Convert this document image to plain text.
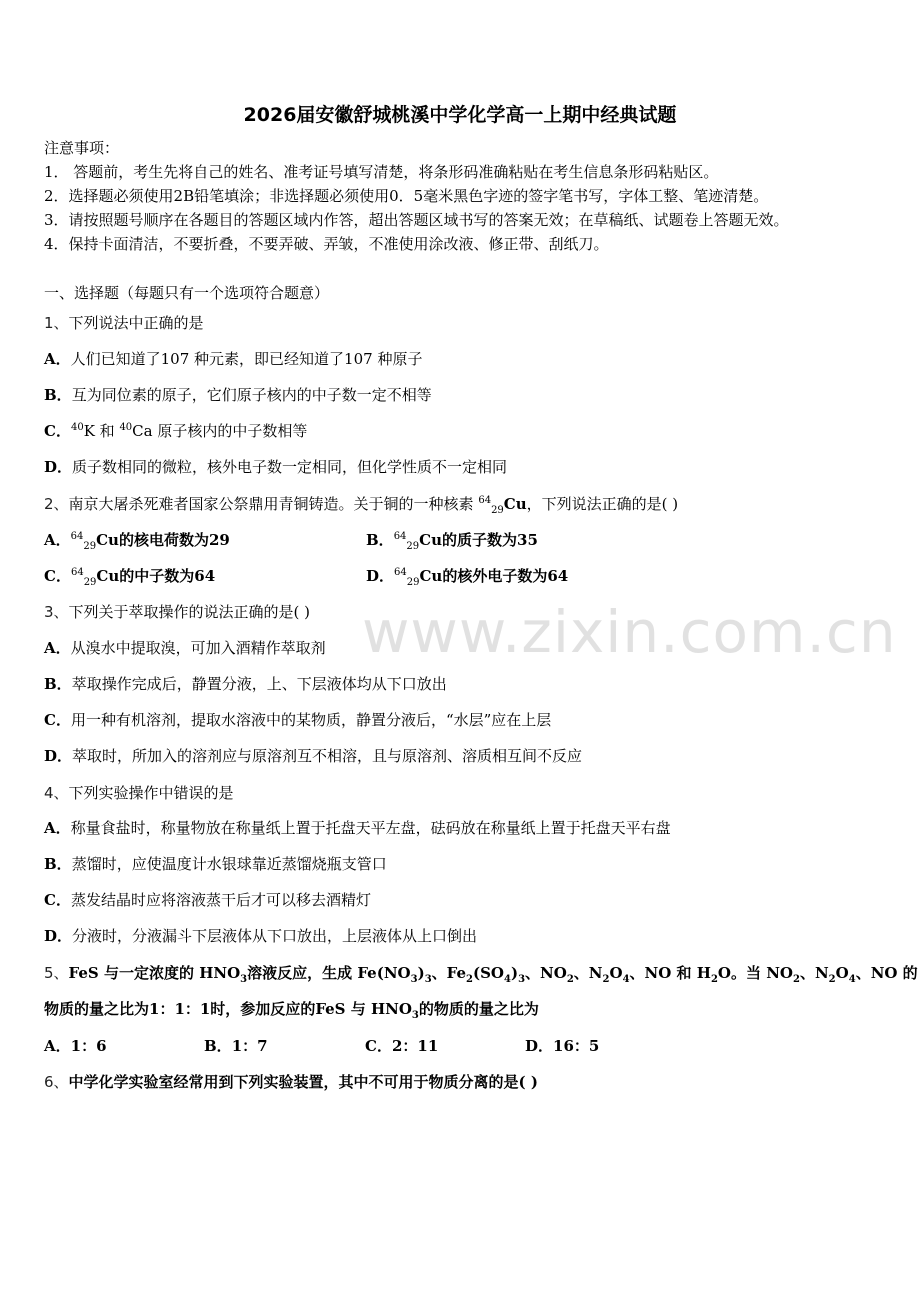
2026届安徽舒城桃溪中学化学高一上期中经典试题
注意事项：
1． 答题前，考生先将自己的姓名、准考证号填写清楚，将条形码准确粘贴在考生信息条形码粘贴区。
2．选择题必须使用2B铅笔填涂；非选择题必须使用0．5毫米黑色字迹的签字笔书写，字体工整、笔迹清楚。
3．请按照题号顺序在各题目的答题区域内作答，超出答题区域书写的答案无效；在草稿纸、试题卷上答题无效。
4．保持卡面清洁，不要折叠，不要弄破、弄皱，不准使用涂改液、修正带、刮纸刀。
一、选择题（每题只有一个选项符合题意）
1、下列说法中正确的是
A．人们已知道了107 种元素，即已经知道了107 种原子
B．互为同位素的原子，它们原子核内的中子数一定不相等
C．$^{40}$K 和 $^{40}$Ca 原子核内的中子数相等
D．质子数相同的微粒，核外电子数一定相同，但化学性质不一定相同
2、南京大屠杀死难者国家公祭鼎用青铜铸造。关于铜的一种核素 $^{64}_{29}$Cu，下列说法正确的是( )
A．$^{64}_{29}$Cu的核电荷数为29	B．$^{64}_{29}$Cu的质子数为35
C．$^{64}_{29}$Cu的中子数为64	D．$^{64}_{29}$Cu的核外电子数为64
www.zixin.com.cn
3、下列关于萃取操作的说法正确的是( )
A．从溴水中提取溴，可加入酒精作萃取剂
B．萃取操作完成后，静置分液，上、下层液体均从下口放出
C．用一种有机溶剂，提取水溶液中的某物质，静置分液后，“水层”应在上层
D．萃取时，所加入的溶剂应与原溶剂互不相溶，且与原溶剂、溶质相互间不反应
4、下列实验操作中错误的是
A．称量食盐时，称量物放在称量纸上置于托盘天平左盘，砝码放在称量纸上置于托盘天平右盘
B．蒸馏时，应使温度计水银球靠近蒸馏烧瓶支管口
C．蒸发结晶时应将溶液蒸干后才可以移去酒精灯
D．分液时，分液漏斗下层液体从下口放出，上层液体从上口倒出
5、FeS 与一定浓度的 $HNO_3$溶液反应，生成 $Fe(NO_3)_3$、$Fe_2(SO_4)_3$、$NO_2$、$N_2O_4$、NO 和 $H_2O$。当 $NO_2$、$N_2O_4$、NO 的
物质的量之比为1：1：1时，参加反应的FeS 与 $HNO_3$的物质的量之比为
A．1：6	B．1：7	C．2：11	D．16：5
6、中学化学实验室经常用到下列实验装置，其中不可用于物质分离的是( )
